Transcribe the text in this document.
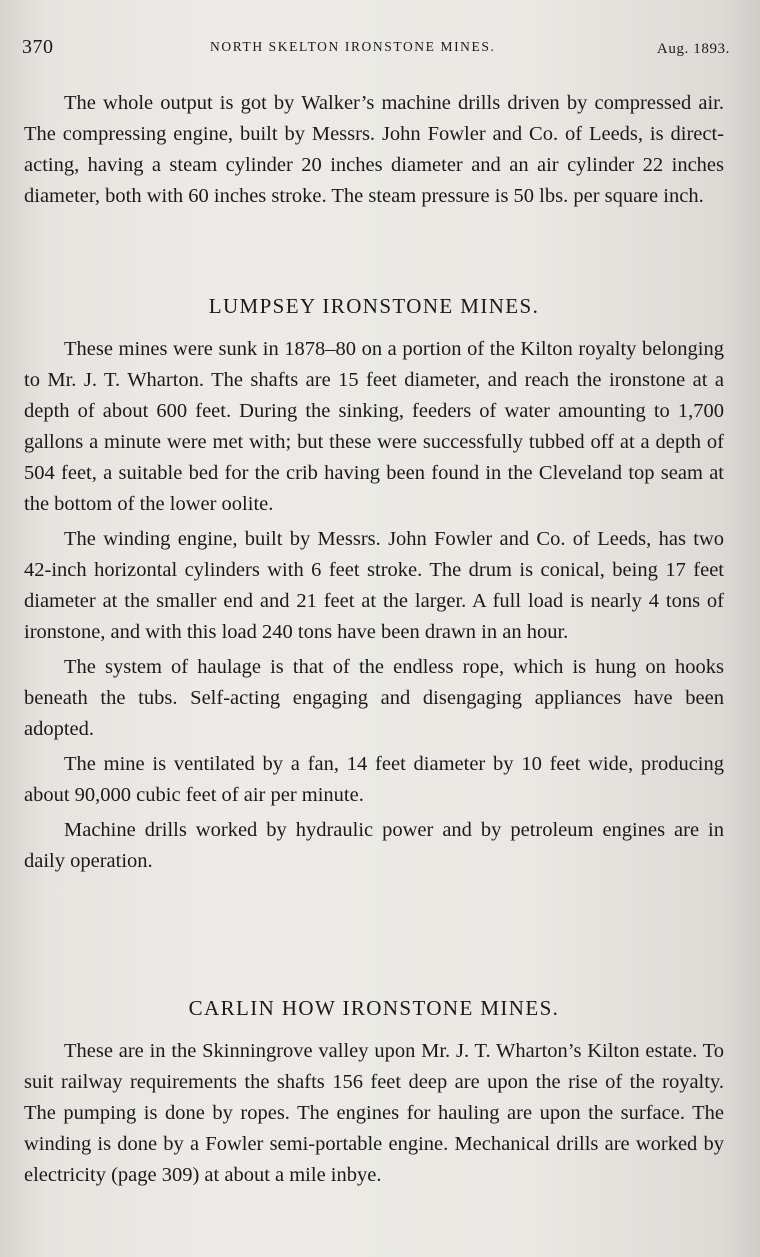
370	NORTH SKELTON IRONSTONE MINES.	Aug. 1893.

The whole output is got by Walker’s machine drills driven by compressed air. The compressing engine, built by Messrs. John Fowler and Co. of Leeds, is direct-acting, having a steam cylinder 20 inches diameter and an air cylinder 22 inches diameter, both with 60 inches stroke. The steam pressure is 50 lbs. per square inch.

LUMPSEY IRONSTONE MINES.

These mines were sunk in 1878–80 on a portion of the Kilton royalty belonging to Mr. J. T. Wharton. The shafts are 15 feet diameter, and reach the ironstone at a depth of about 600 feet. During the sinking, feeders of water amounting to 1,700 gallons a minute were met with; but these were successfully tubbed off at a depth of 504 feet, a suitable bed for the crib having been found in the Cleveland top seam at the bottom of the lower oolite.

The winding engine, built by Messrs. John Fowler and Co. of Leeds, has two 42-inch horizontal cylinders with 6 feet stroke. The drum is conical, being 17 feet diameter at the smaller end and 21 feet at the larger. A full load is nearly 4 tons of ironstone, and with this load 240 tons have been drawn in an hour.

The system of haulage is that of the endless rope, which is hung on hooks beneath the tubs. Self-acting engaging and disengaging appliances have been adopted.

The mine is ventilated by a fan, 14 feet diameter by 10 feet wide, producing about 90,000 cubic feet of air per minute.

Machine drills worked by hydraulic power and by petroleum engines are in daily operation.

CARLIN HOW IRONSTONE MINES.

These are in the Skinningrove valley upon Mr. J. T. Wharton’s Kilton estate. To suit railway requirements the shafts 156 feet deep are upon the rise of the royalty. The pumping is done by ropes. The engines for hauling are upon the surface. The winding is done by a Fowler semi-portable engine. Mechanical drills are worked by electricity (page 309) at about a mile inbye.
